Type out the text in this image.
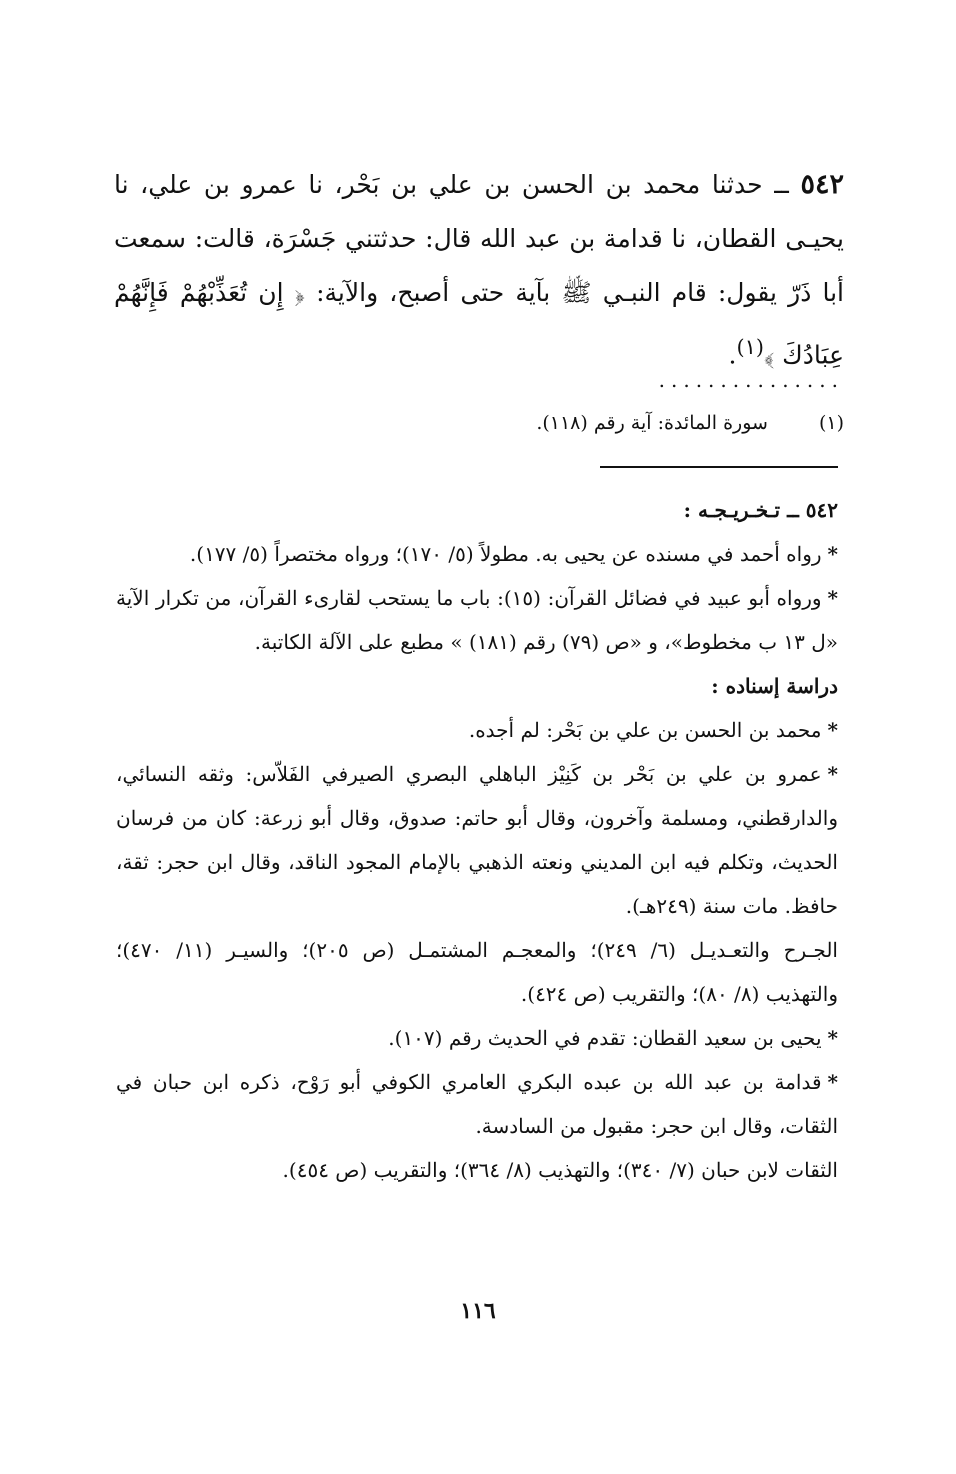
٥٤٢ ــ حدثنا محمد بن الحسن بن علي بن بَحْر، نا عمرو بن علي، نا يحيـى القطان، نا قدامة بن عبد الله قال: حدثتني جَسْرَة، قالت: سمعت أبا ذَرّ يقول: قام النبـي ﷺ بآية حتى أصبح، والآية: ﴿ إِن تُعَذِّبْهُمْ فَإِنَّهُمْ عِبَادُكَ ﴾$^{(١)}$.
...............
(١) سورة المائدة: آية رقم (١١٨).

٥٤٢ ــ تـخـريـجـه :

*رواه أحمد في مسنده عن يحيى به. مطولاً (٥/ ١٧٠)؛ ورواه مختصراً (٥/ ١٧٧).

*ورواه أبو عبيد في فضائل القرآن: (١٥): باب ما يستحب لقارىء القرآن، من تكرار الآية «ل ١٣ ب مخطوط»، و «ص (٧٩) رقم (١٨١) » مطبع على الآلة الكاتبة.

دراسة إسناده :

*محمد بن الحسن بن علي بن بَحْر: لم أجده.

*عمرو بن علي بن بَحْر بن كَنِيْز الباهلي البصري الصيرفي الفَلاّس: وثقه النسائي، والدارقطني، ومسلمة وآخرون، وقال أبو حاتم: صدوق، وقال أبو زرعة: كان من فرسان الحديث، وتكلم فيه ابن المديني ونعته الذهبي بالإمام المجود الناقد، وقال ابن حجر: ثقة، حافظ. مات سنة (٢٤٩هـ).

الجـرح والتعـديـل (٦/ ٢٤٩)؛ والمعجـم المشتمـل (ص ٢٠٥)؛ والسيـر (١١/ ٤٧٠)؛ والتهذيب (٨/ ٨٠)؛ والتقريب (ص ٤٢٤).

*يحيى بن سعيد القطان: تقدم في الحديث رقم (١٠٧).

*قدامة بن عبد الله بن عبده البكري العامري الكوفي أبو رَوْح، ذكره ابن حبان في الثقات، وقال ابن حجر: مقبول من السادسة.

الثقات لابن حبان (٧/ ٣٤٠)؛ والتهذيب (٨/ ٣٦٤)؛ والتقريب (ص ٤٥٤).

١١٦
